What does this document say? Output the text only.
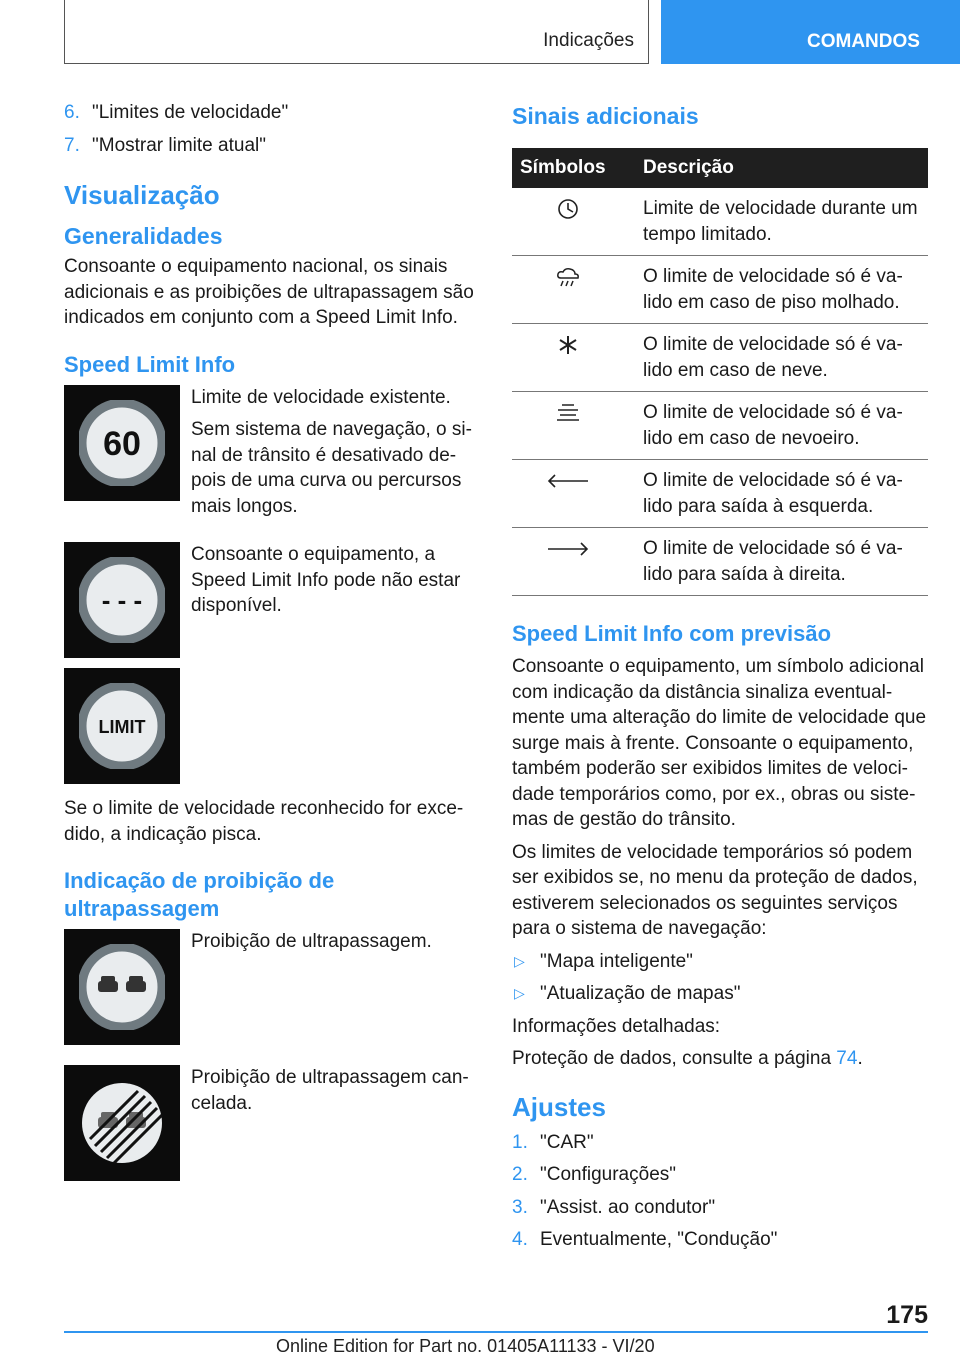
Indicações	COMANDOS
6. "Limites de velocidade"
7. "Mostrar limite atual"
Visualização
Generalidades
Consoante o equipamento nacional, os sinais adicionais e as proibições de ultrapassagem são indicados em conjunto com a Speed Limit Info.
Speed Limit Info
60
Limite de velocidade existente.
Sem sistema de navegação, o si‐nal de trânsito é desativado de‐pois de uma curva ou percursos mais longos.
- - -
Consoante o equipamento, a Speed Limit Info pode não estar disponível.
LIMIT
Se o limite de velocidade reconhecido for exce‐dido, a indicação pisca.
Indicação de proibição de ultrapassagem
Proibição de ultrapassagem.
Proibição de ultrapassagem can‐celada.
Sinais adicionais
Símbolos	Descrição
Limite de velocidade durante um tempo limitado.
O limite de velocidade só é va‐lido em caso de piso molhado.
O limite de velocidade só é va‐lido em caso de neve.
O limite de velocidade só é va‐lido em caso de nevoeiro.
O limite de velocidade só é va‐lido para saída à esquerda.
O limite de velocidade só é va‐lido para saída à direita.
Speed Limit Info com previsão
Consoante o equipamento, um símbolo adicional com indicação da distância sinaliza eventual‐mente uma alteração do limite de velocidade que surge mais à frente. Consoante o equipamento, também poderão ser exibidos limites de veloci‐dade temporários como, por ex., obras ou siste‐mas de gestão do trânsito.
Os limites de velocidade temporários só podem ser exibidos se, no menu da proteção de dados, estiverem selecionados os seguintes serviços para o sistema de navegação:
▷ "Mapa inteligente"
▷ "Atualização de mapas"
Informações detalhadas:
Proteção de dados, consulte a página 74.
Ajustes
1. "CAR"
2. "Configurações"
3. "Assist. ao condutor"
4. Eventualmente, "Condução"
175
Online Edition for Part no. 01405A11133 - VI/20
